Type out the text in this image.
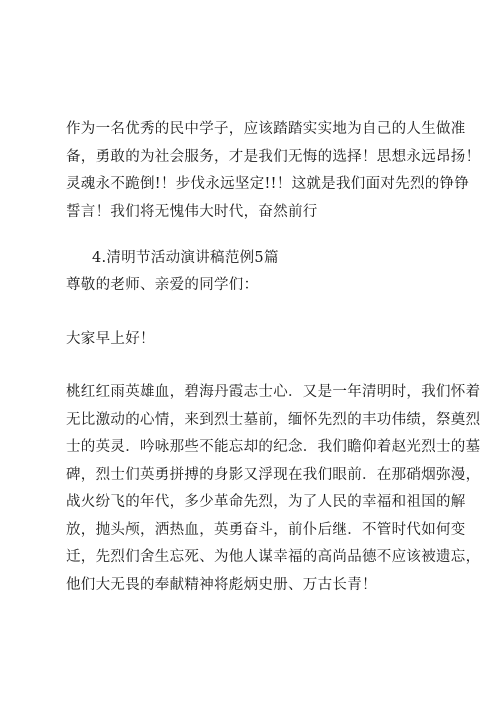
作为一名优秀的民中学子，应该踏踏实实地为自己的人生做准
备，勇敢的为社会服务，才是我们无悔的选择！思想永远昂扬！
灵魂永不跪倒!！步伐永远坚定!!！这就是我们面对先烈的铮铮
誓言！我们将无愧伟大时代，奋然前行
4.清明节活动演讲稿范例5篇
尊敬的老师、亲爱的同学们：
大家早上好！
桃红红雨英雄血，碧海丹霞志士心．又是一年清明时，我们怀着
无比激动的心情，来到烈士墓前，缅怀先烈的丰功伟绩，祭奠烈
士的英灵．吟咏那些不能忘却的纪念．我们瞻仰着赵光烈士的墓
碑，烈士们英勇拼搏的身影又浮现在我们眼前．在那硝烟弥漫，
战火纷飞的年代，多少革命先烈，为了人民的幸福和祖国的解
放，抛头颅，洒热血，英勇奋斗，前仆后继．不管时代如何变
迁，先烈们舍生忘死、为他人谋幸福的高尚品德不应该被遗忘，
他们大无畏的奉献精神将彪炳史册、万古长青！
